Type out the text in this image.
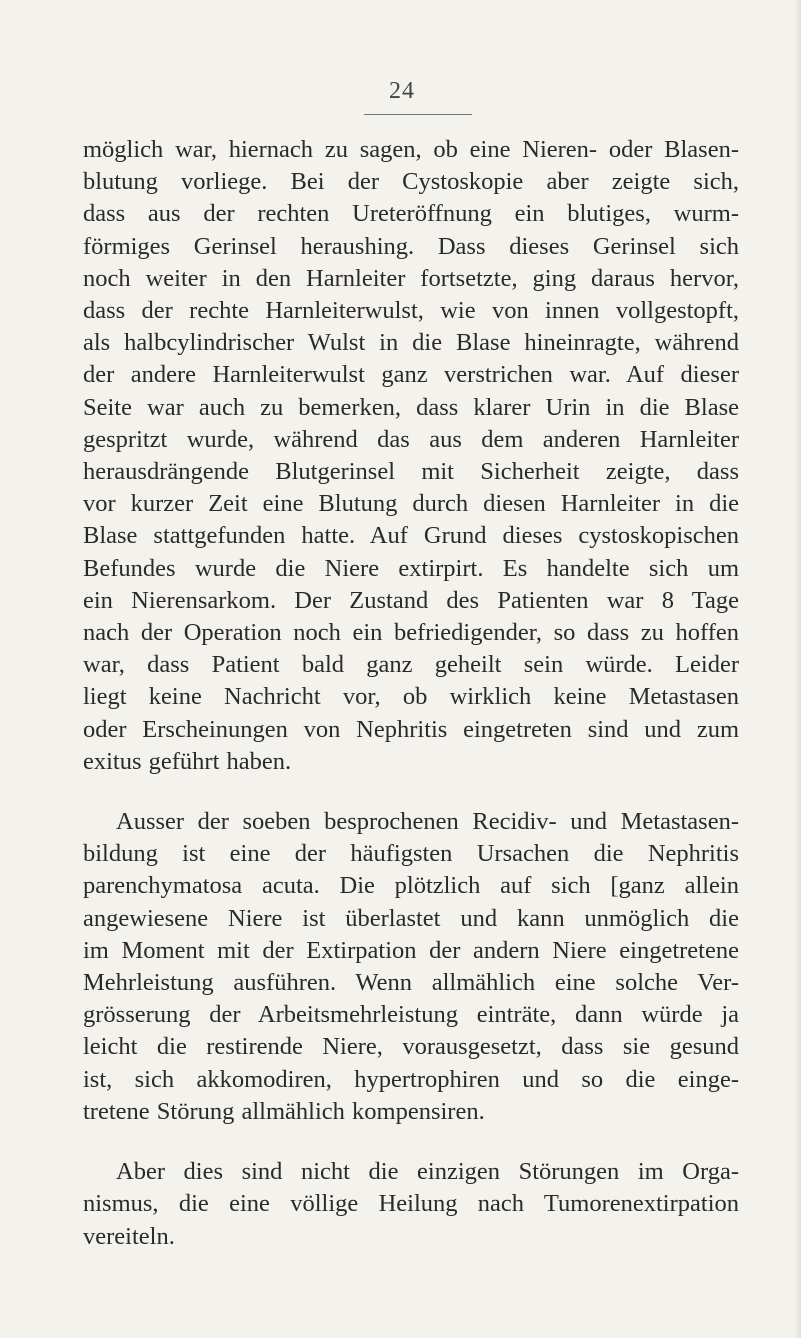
24
möglich war, hiernach zu sagen, ob eine Nieren- oder Blasen-
blutung vorliege. Bei der Cystoskopie aber zeigte sich,
dass aus der rechten Ureteröffnung ein blutiges, wurm-
förmiges Gerinsel heraushing. Dass dieses Gerinsel sich
noch weiter in den Harnleiter fortsetzte, ging daraus hervor,
dass der rechte Harnleiterwulst, wie von innen vollgestopft,
als halbcylindrischer Wulst in die Blase hineinragte, während
der andere Harnleiterwulst ganz verstrichen war. Auf dieser
Seite war auch zu bemerken, dass klarer Urin in die Blase
gespritzt wurde, während das aus dem anderen Harnleiter
herausdrängende Blutgerinsel mit Sicherheit zeigte, dass
vor kurzer Zeit eine Blutung durch diesen Harnleiter in die
Blase stattgefunden hatte. Auf Grund dieses cystoskopischen
Befundes wurde die Niere extirpirt. Es handelte sich um
ein Nierensarkom. Der Zustand des Patienten war 8 Tage
nach der Operation noch ein befriedigender, so dass zu hoffen
war, dass Patient bald ganz geheilt sein würde. Leider
liegt keine Nachricht vor, ob wirklich keine Metastasen
oder Erscheinungen von Nephritis eingetreten sind und zum
exitus geführt haben.
Ausser der soeben besprochenen Recidiv- und Metastasen-
bildung ist eine der häufigsten Ursachen die Nephritis
parenchymatosa acuta. Die plötzlich auf sich [ganz allein
angewiesene Niere ist überlastet und kann unmöglich die
im Moment mit der Extirpation der andern Niere eingetretene
Mehrleistung ausführen. Wenn allmählich eine solche Ver-
grösserung der Arbeitsmehrleistung einträte, dann würde ja
leicht die restirende Niere, vorausgesetzt, dass sie gesund
ist, sich akkomodiren, hypertrophiren und so die einge-
tretene Störung allmählich kompensiren.
Aber dies sind nicht die einzigen Störungen im Orga-
nismus, die eine völlige Heilung nach Tumorenextirpation
vereiteln.
